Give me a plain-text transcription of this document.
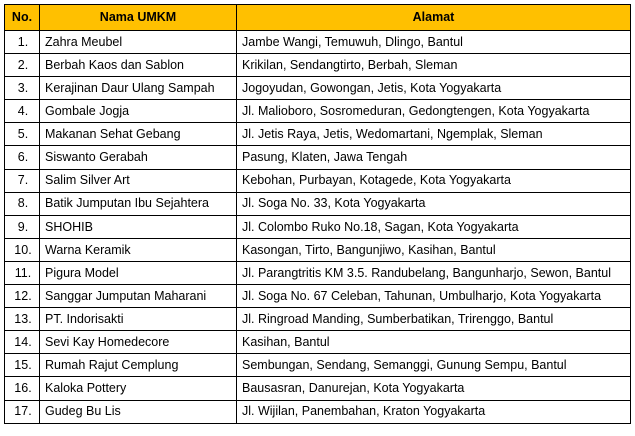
No.	Nama UMKM	Alamat
1.	Zahra Meubel	Jambe Wangi, Temuwuh, Dlingo, Bantul
2.	Berbah Kaos dan Sablon	Krikilan, Sendangtirto, Berbah, Sleman
3.	Kerajinan Daur Ulang Sampah	Jogoyudan, Gowongan, Jetis, Kota Yogyakarta
4.	Gombale Jogja	Jl. Malioboro, Sosromeduran, Gedongtengen, Kota Yogyakarta
5.	Makanan Sehat Gebang	Jl. Jetis Raya, Jetis, Wedomartani, Ngemplak, Sleman
6.	Siswanto Gerabah	Pasung, Klaten, Jawa Tengah
7.	Salim Silver Art	Kebohan, Purbayan, Kotagede, Kota Yogyakarta
8.	Batik Jumputan Ibu Sejahtera	Jl. Soga No. 33, Kota Yogyakarta
9.	SHOHIB	Jl. Colombo Ruko No.18, Sagan, Kota Yogyakarta
10.	Warna Keramik	Kasongan, Tirto, Bangunjiwo, Kasihan, Bantul
11.	Pigura Model	Jl. Parangtritis KM 3.5. Randubelang, Bangunharjo, Sewon, Bantul
12.	Sanggar Jumputan Maharani	Jl. Soga No. 67 Celeban, Tahunan, Umbulharjo, Kota Yogyakarta
13.	PT. Indorisakti	Jl. Ringroad Manding, Sumberbatikan, Trirenggo, Bantul
14.	Sevi Kay Homedecore	Kasihan, Bantul
15.	Rumah Rajut Cemplung	Sembungan, Sendang, Semanggi, Gunung Sempu, Bantul
16.	Kaloka Pottery	Bausasran, Danurejan, Kota Yogyakarta
17.	Gudeg Bu Lis	Jl. Wijilan, Panembahan, Kraton Yogyakarta
